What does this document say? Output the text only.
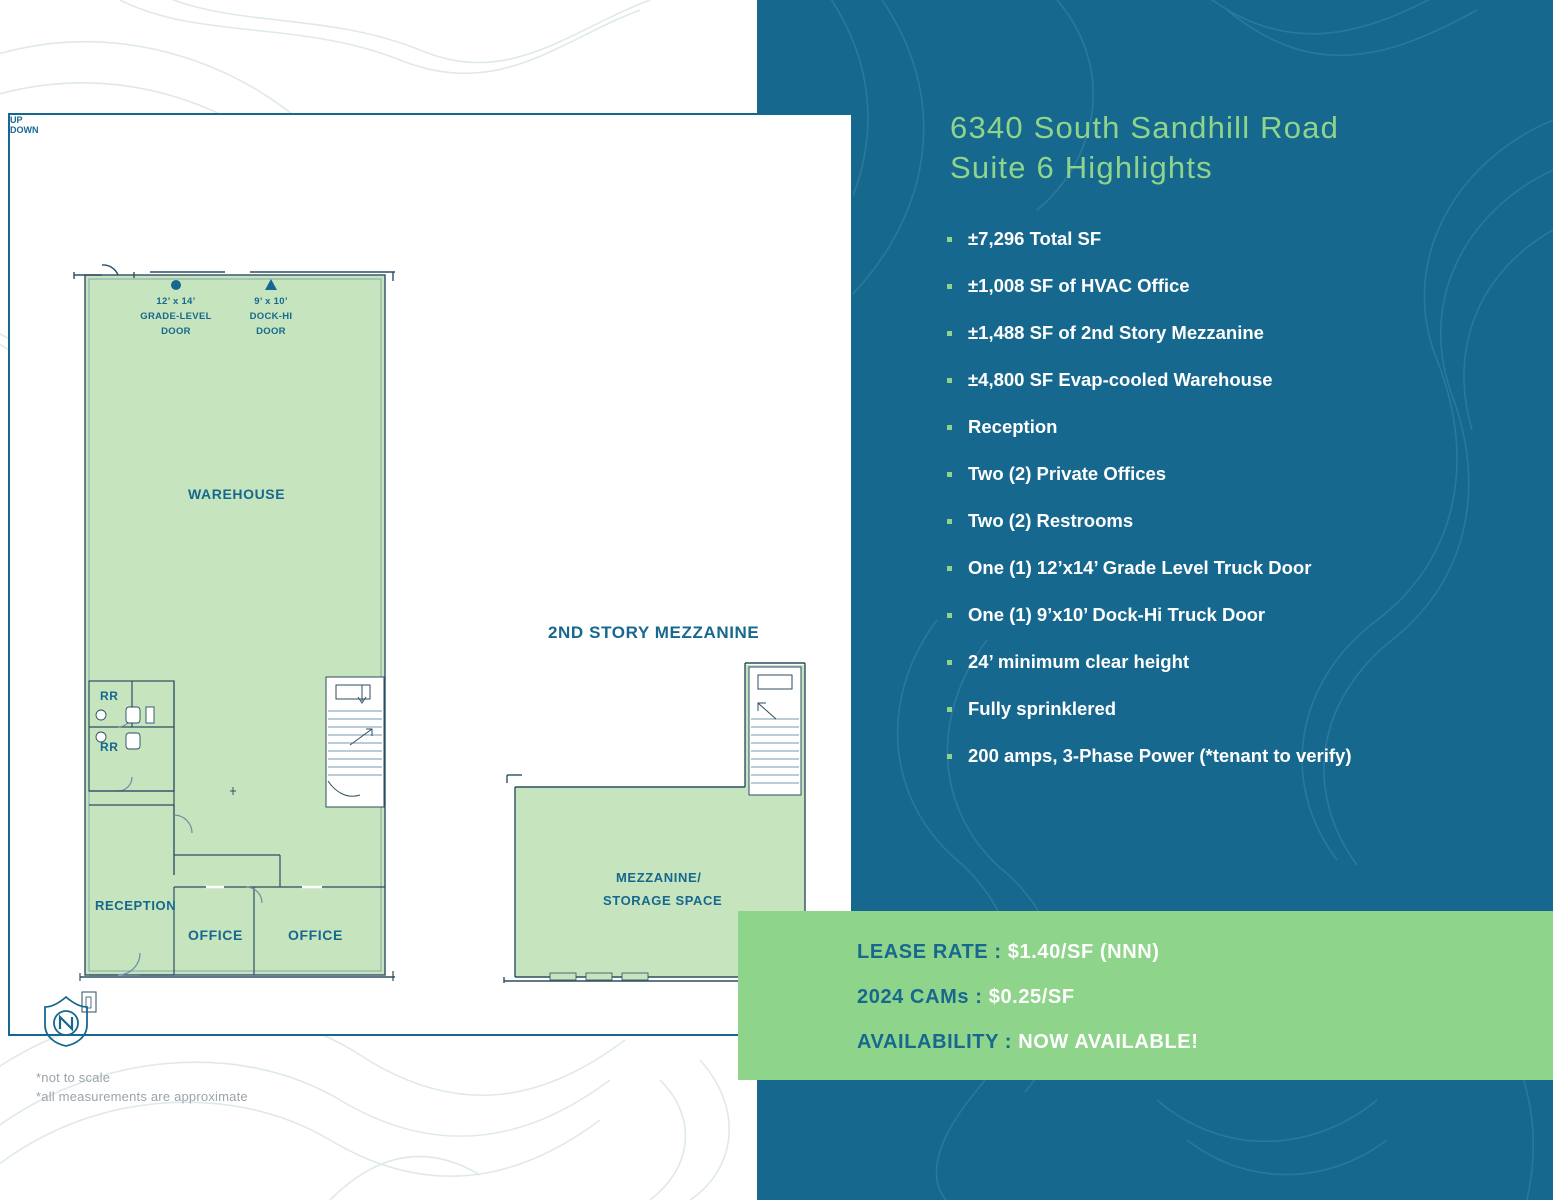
WAREHOUSE
RECEPTION
OFFICE	OFFICE
RR
RR
UP
DOWN
2ND STORY MEZZANINE
MEZZANINE/
STORAGE SPACE
12’ x 14’
GRADE-LEVEL
DOOR
9’ x 10’
DOCK-HI
DOOR
*not to scale
*all measurements are approximate
6340 South Sandhill Road
Suite 6 Highlights
±7,296 Total SF
±1,008 SF of HVAC Office
±1,488 SF of 2nd Story Mezzanine
±4,800 SF Evap-cooled Warehouse
Reception
Two (2) Private Offices
Two (2) Restrooms
One (1) 12’x14’ Grade Level Truck Door
One (1) 9’x10’ Dock-Hi Truck Door
24’ minimum clear height
Fully sprinklered
200 amps, 3-Phase Power (*tenant to verify)
LEASE RATE : $1.40/SF (NNN)
2024 CAMs : $0.25/SF
AVAILABILITY : NOW AVAILABLE!
